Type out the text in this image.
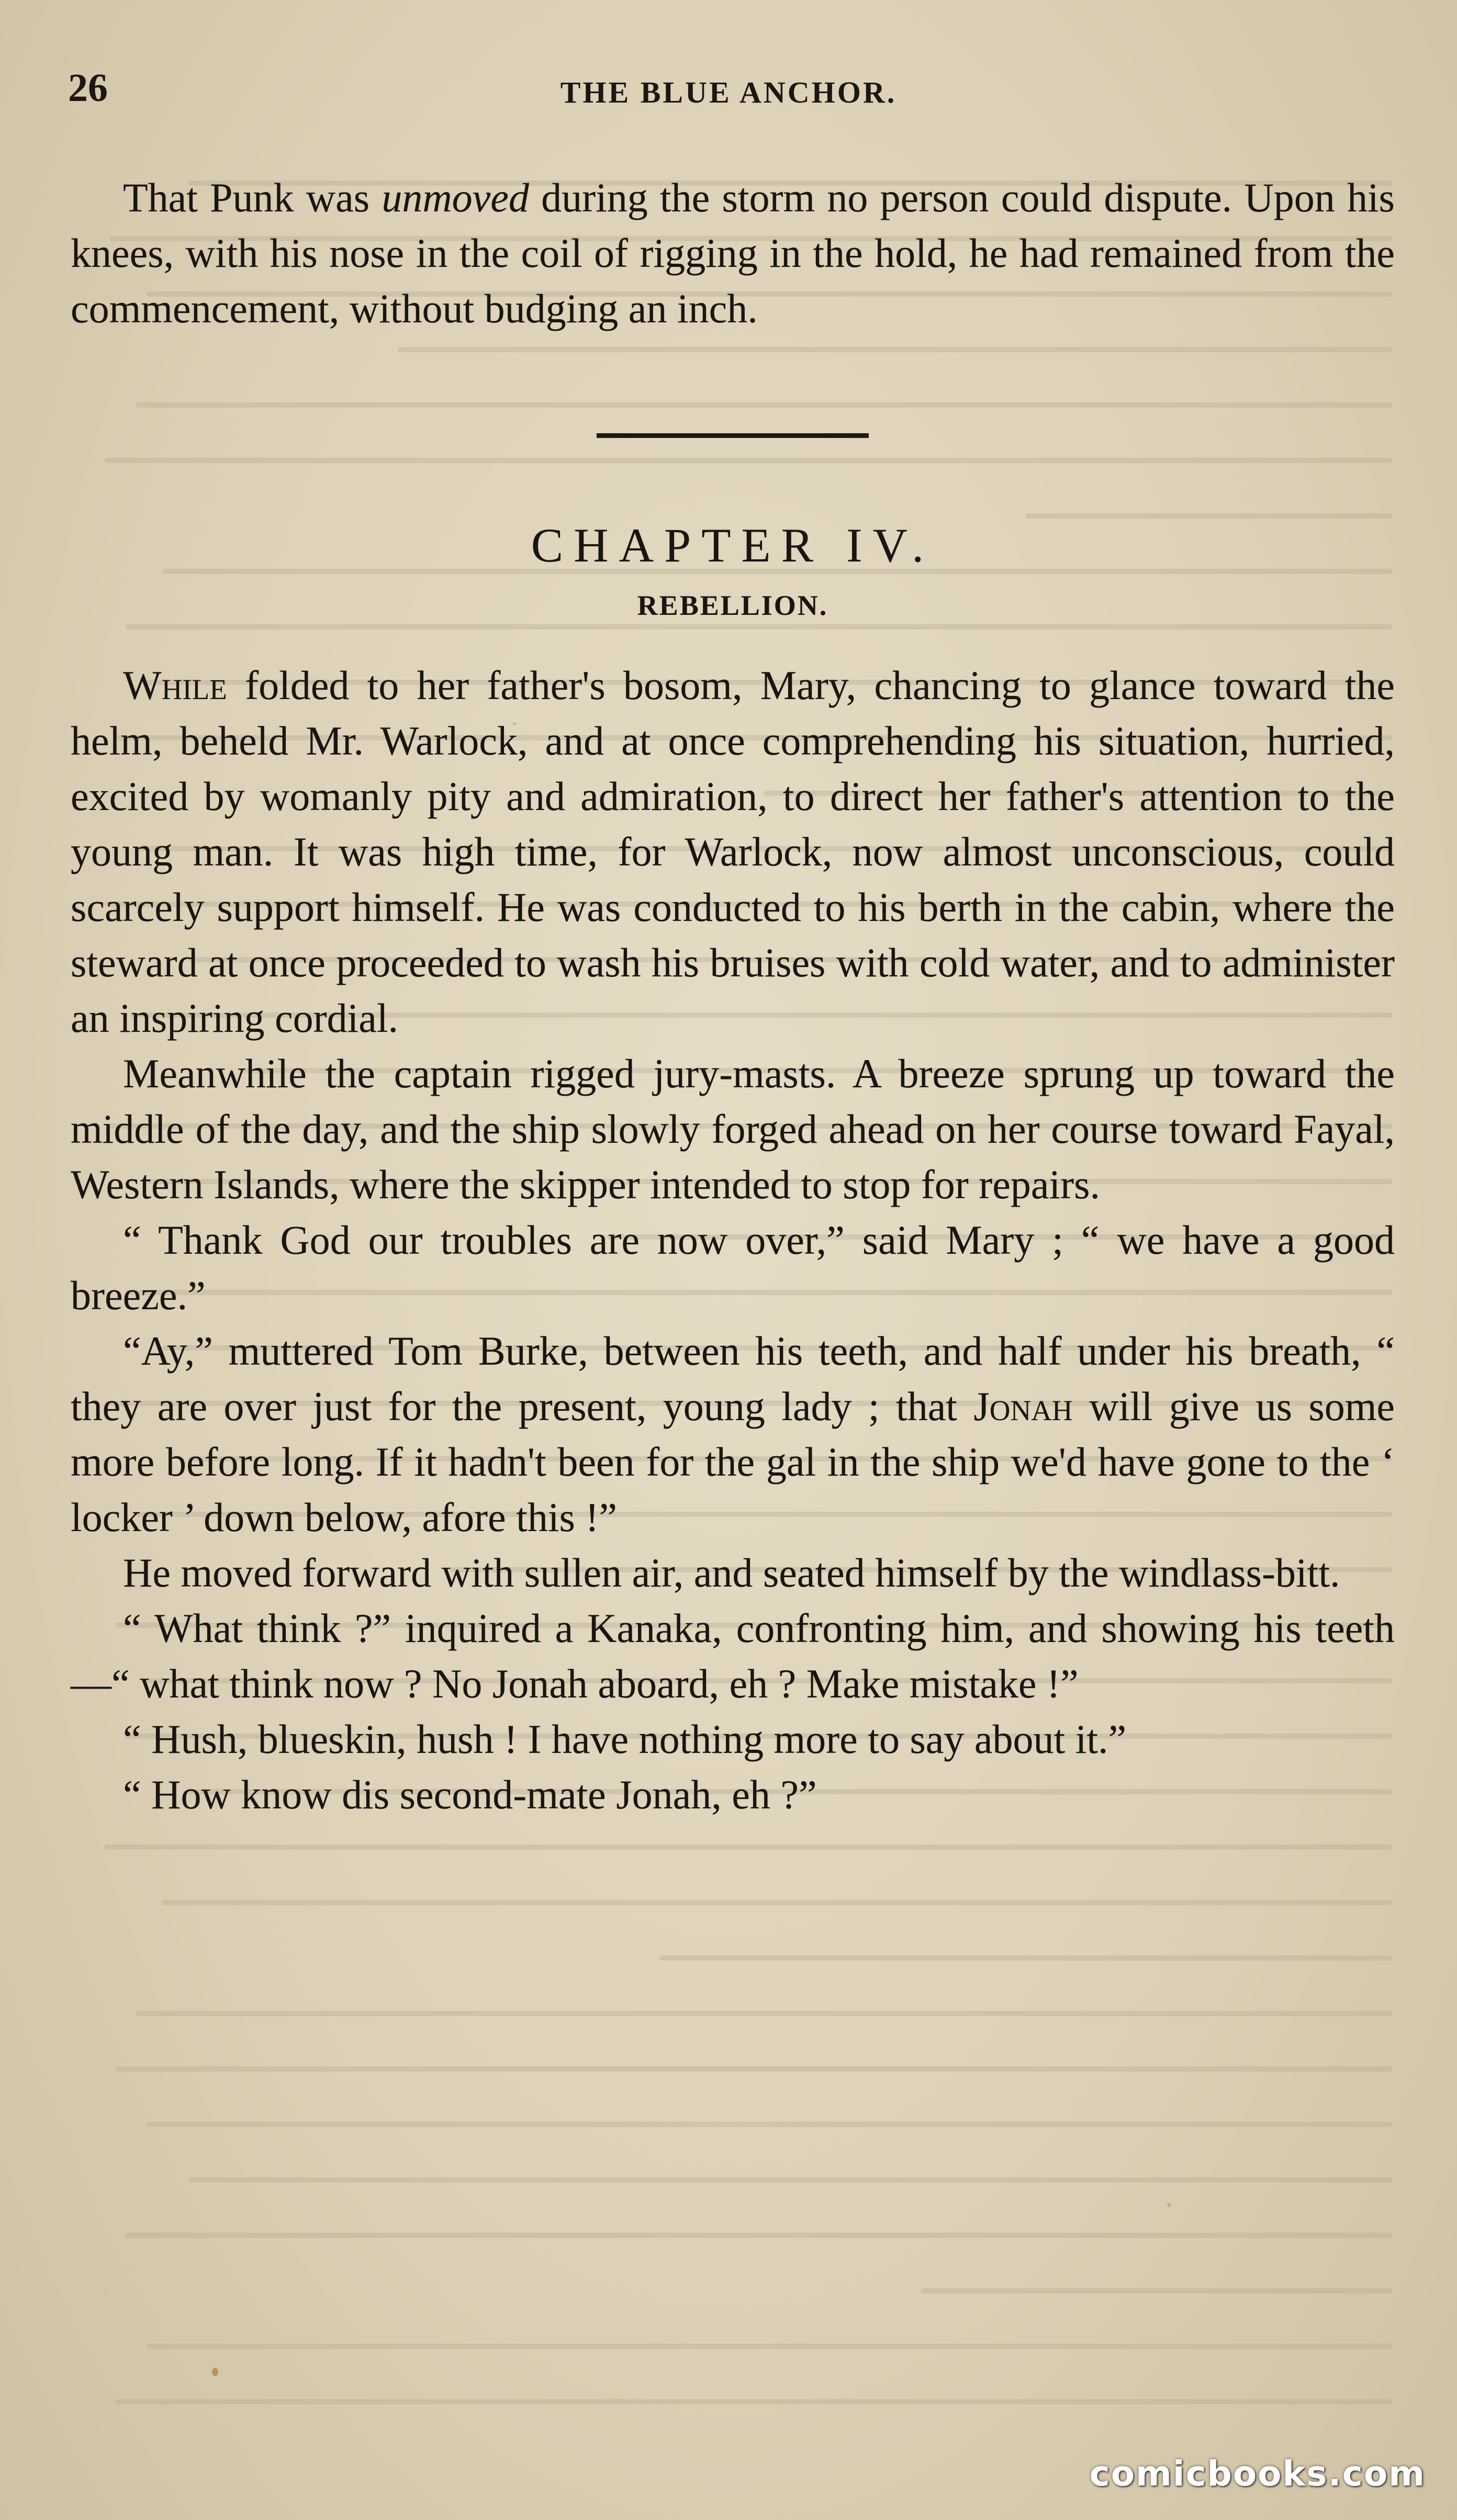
26	THE BLUE ANCHOR.

That Punk was unmoved during the storm no person could dispute. Upon his knees, with his nose in the coil of rigging in the hold, he had remained from the commencement, without budging an inch.

CHAPTER IV.
REBELLION.

While folded to her father's bosom, Mary, chancing to glance toward the helm, beheld Mr. Warlock, and at once comprehending his situation, hurried, excited by womanly pity and admiration, to direct her father's attention to the young man. It was high time, for Warlock, now almost unconscious, could scarcely support himself. He was conducted to his berth in the cabin, where the steward at once proceeded to wash his bruises with cold water, and to administer an inspiring cordial.

Meanwhile the captain rigged jury-masts. A breeze sprung up toward the middle of the day, and the ship slowly forged ahead on her course toward Fayal, Western Islands, where the skipper intended to stop for repairs.

“ Thank God our troubles are now over,” said Mary ; “ we have a good breeze.”

“Ay,” muttered Tom Burke, between his teeth, and half under his breath, “ they are over just for the present, young lady ; that Jonah will give us some more before long. If it hadn't been for the gal in the ship we'd have gone to the ‘ locker ’ down below, afore this !”

He moved forward with sullen air, and seated himself by the windlass-bitt.

“ What think ?” inquired a Kanaka, confronting him, and showing his teeth—“ what think now ? No Jonah aboard, eh ? Make mistake !”

“ Hush, blueskin, hush ! I have nothing more to say about it.”

“ How know dis second-mate Jonah, eh ?”

comicbooks.com
